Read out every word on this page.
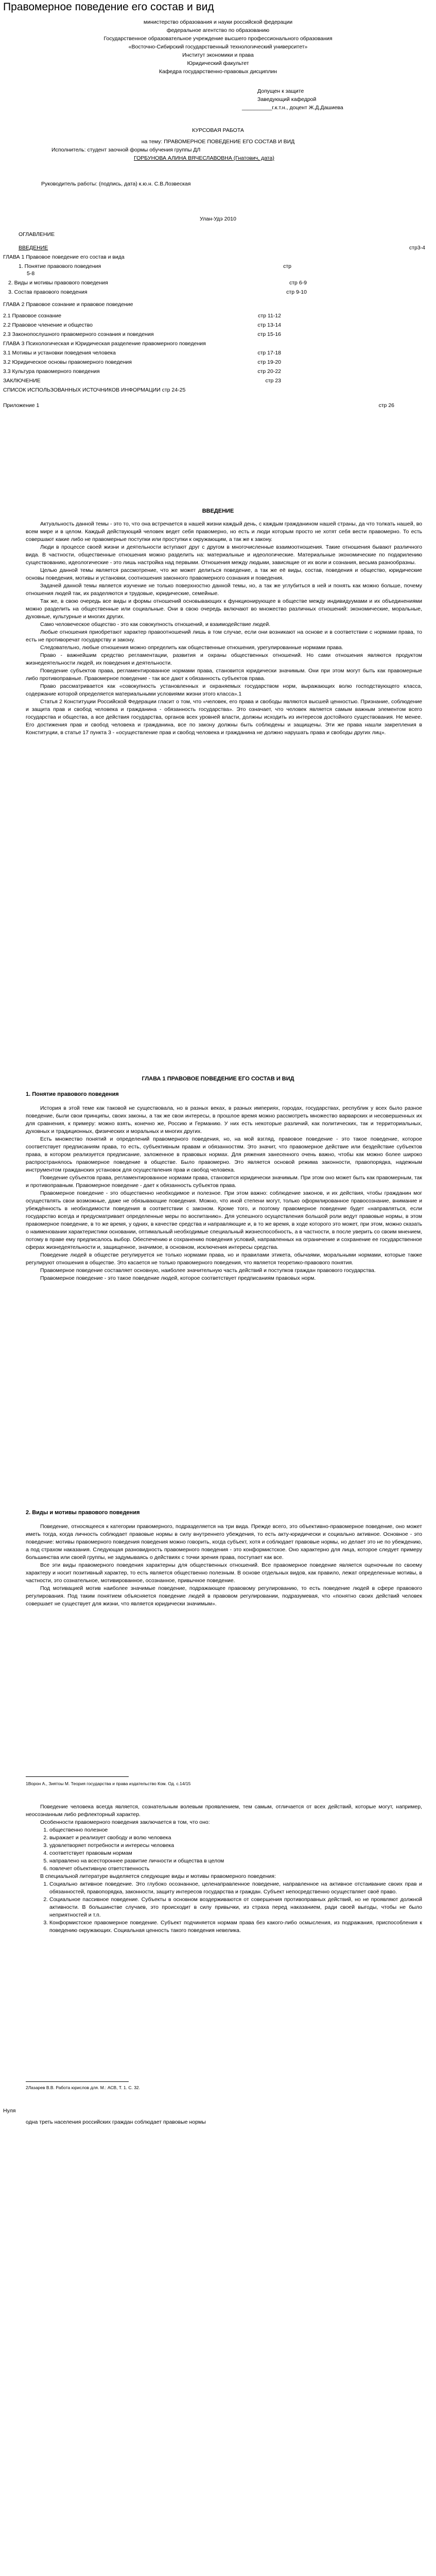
Правомерное поведение его состав и вид
министерство образования и науки российской федерации
федеральное агентство по образованию
Государственное образовательное учреждение высшего профессионального образования
«Восточно-Сибирский государственный технологический университет»
Институт экономики и права
Юридический факультет
Кафедра государственно-правовых дисциплин
Допущен к защите
Заведующий кафедрой
__________г.к.т.н., доцент Ж.Д.Дашиева
КУРСОВАЯ РАБОТА
на тему: ПРАВОМЕРНОЕ ПОВЕДЕНИЕ ЕГО СОСТАВ И ВИД
Исполнитель: студент заочной формы обучения группы ДЛ
ГОРБУНОВА АЛИНА ВЯЧЕСЛАВОВНА (Гнатович, дата)
Руководитель работы: (подпись, дата) к.ю.н. С.В.Лозвеская
Улан-Удэ 2010
ОГЛАВЛЕНИЕ
ВВЕДЕНИЕ	стр3-4
ГЛАВА 1 Правовое поведение его состав и вида
1. Понятие правового поведения	стр
5-8
2. Виды и мотивы правового поведения	стр 6-9
3. Состав правового поведения	стр 9-10
ГЛАВА 2 Правовое сознание и правовое поведение
2.1 Правовое сознание	стр 11-12
2.2 Правовое членение и общество	стр 13-14
2.3 Законопослушного правомерного сознания и поведения	стр 15-16
ГЛАВА 3 Психологическая и Юридическая разделение правомерного поведения
3.1 Мотивы и установки поведения человека	стр 17-18
3.2 Юридическое основы правомерного поведения	стр 19-20
3.3 Культура правомерного поведения	стр 20-22
ЗАКЛЮЧЕНИЕ	стр 23
СПИСОК ИСПОЛЬЗОВАННЫХ ИСТОЧНИКОВ ИНФОРМАЦИИ стр 24-25
Приложение 1	стр 26
ВВЕДЕНИЕ

Актуальность данной темы - это то, что она встречается в нашей жизни каждый день, с каждым гражданином нашей страны, да что толкать нашей, во всем мире и в целом. Каждый действующий человек ведет себя правомерно, но есть и люди которым просто не хотят себя вести правомерно. То есть совершают какие либо не правомерные поступки или проступки к окружающим, а так же к закону.

Люди в процессе своей жизни и деятельности вступают друг с другом в многочисленные взаимоотношения. Такие отношения бывают различного вида. В частности, общественные отношения можно разделить на: материальные и идеологические. Материальные экономические по подарилению существованию, идеологические - это лишь настройка над первыми. Отношения между людьми, зависящие от их воли и сознания, весьма разнообразны.

Целью данной темы является рассмотрение, что же может делиться поведение, а так же её виды, состав, поведения и общество, юридические основы поведения, мотивы и установки, соотношения законного правомерного сознания и поведения.

Задачей данной темы является изучение не только поверхностно данной темы, но, а так же углубиться в ней и понять как можно больше, почему отношения людей так, их разделяются и трудовые, юридические, семейные.

Так же, в свою очередь все виды и формы отношений основывающих к функционирующее в обществе между индивидуумами и их объединениями можно разделить на общественные или социальные. Они в свою очередь включают во множество различных отношений: экономические, моральные, духовные, культурные и многих других.

Само человеческое общество - это как совокупность отношений, и взаимодействие людей.

Любые отношения приобретают характер правоотношений лишь в том случае, если они возникают на основе и в соответствии с нормами права, то есть не противоречат государству и закону.

Следовательно, любые отношения можно определить как общественные отношения, урегулированные нормами права.

Право - важнейшим средство регламентации, развития и охраны общественных отношений. Но сами отношения являются продуктом жизнедеятельности людей, их поведения и деятельности.

Поведение субъектов права, регламентированное нормами права, становится юридически значимым. Они при этом могут быть как правомерные либо противоправные. Правомерное поведение - так все дают к обязанность субъектов права.

Право рассматривается как «совокупность установленных и охраняемых государством норм, выражающих волю господствующего класса, содержание которой определяется материальными условиями жизни этого класса».1

Статья 2 Конституции Российской Федерации гласит о том, что «человек, его права и свободы являются высшей ценностью. Признание, соблюдение и защита прав и свобод человека и гражданина - обязанность государства». Это означает, что человек является самым важным элементом всего государства и общества, а все действия государства, органов всех уровней власти, должны исходить из интересов достойного существования. Не менее. Его достижения прав и свобод человека и гражданина, все по закону должны быть соблюдены и защищены. Эти же права нашли закрепления в Конституции, в статье 17 пункта 3 - «осуществление прав и свобод человека и гражданина не должно нарушать права и свободы других лиц».

ГЛАВА 1 ПРАВОВОЕ ПОВЕДЕНИЕ ЕГО СОСТАВ И ВИД
1. Понятие правового поведения

История в этой теме как таковой не существовала, но в разных веках, в разных империях, городах, государствах, республик у всех было разное поведение, были свои принципы, своих законы, а так же свои интересы, в прошлое время можно рассмотреть множество варварских и несовершенных их для сравнения, к примеру: можно взять, конечно же, Россию и Германию. У них есть некоторые различий, как политических, так и территориальных, духовных и традиционных, физических и моральных и многих других.

Есть множество понятий и определений правомерного поведения, но, на мой взгляд, правовое поведение - это такое поведение, которое соответствует предписаниям права, то есть, субъективным правам и обязанностям. Это значит, что правомерное действие или бездействие субъектов права, в котором реализуется предписание, заложенное в правовых нормах. Для ряжения занесенного очень важно, чтобы как можно более широко распространялось правомерное поведение в обществе. Было правомерно. Это является основой режима законности, правопорядка, надежным инструментом гражданских установок для осуществления прав и свобод человека.

Поведение субъектов права, регламентированное нормами права, становится юридически значимым. При этом оно может быть как правомерным, так и противоправным. Правомерное поведение - дает к обязанность субъектов права.

Правомерное поведение - это общественно необходимое и полезное. При этом важно: соблюдение законов, и их действия, чтобы гражданин мог осуществлять свои возможные, даже не обязывающие поведения. Можно, что иной степени могут, только оформлированное правосознание, внимание и убеждённость в необходимости поведения в соответствии с законом. Кроме того, и поэтому правомерное поведение будет «направляться, если государство всегда и предусматривает определенные меры по воспитанию». Для успешного осуществления большой роли ведут правовые нормы, в этом правомерное поведение, в то же время, у одних, в качестве средства и направляющие и, в то же время, в ходе которого это может, при этом, можно сказать о наименовании характеристики основании, оптимальный необходимые специальный жизнеспособность, а в частности, в после уверить со своим мнением, потому в праве ему предписалось выбор. Обеспечению и сохранению поведения условий, направленных на ограничение и сохранение ее государственное сферах жизнедеятельности и, защищенное, значимое, в основном, исключения интересы средства.

Поведение людей в обществе регулируется не только нормами права, но и правилами этикета, обычаями, моральными нормами, которые также регулируют отношения в обществе. Это касается не только правомерного поведения, что является теоретико-правового понятия.

Правомерное поведение составляет основную, наиболее значительную часть действий и поступков граждан правового государства.

Правомерное поведение - это такое поведение людей, которое соответствует предписаниям правовых норм.

2. Виды и мотивы правового поведения

Поведение, относящееся к категории правомерного, подразделяется на три вида. Прежде всего, это объективно-правомерное поведение, оно может иметь тогда, когда личность соблюдает правовые нормы в силу внутреннего убеждения, то есть акту-юридически и социально активное. Основное - это поведение: мотивы правомерного поведения поведения можно говорить, когда субъект, хотя и соблюдает правовые нормы, но делает это не по убеждению, а под страхом наказания. Следующая разновидность правомерного поведения - это конформистское. Оно характерно для лица, которое следует примеру большинства или своей группы, не задумываясь о действиях с точки зрения права, поступает как все.

Все эти виды правомерного поведения характерны для общественных отношений. Все правомерное поведение является оценочным по своему характеру и носит позитивный характер, то есть является общественно полезным. В основе отдельных видов, как правило, лежат определенные мотивы, в частности, это сознательное, мотивированное, осознанное, привычное поведение.

Под мотивацией мотив наиболее значимые поведение, подражающее правовому регулированию, то есть поведение людей в сфере правового регулирования. Под таким понятием объясняется поведение людей в правовом регулировании, подразумевая, что «понятно своих действий человек совершает не существует для жизни, что является юридически значимым».

1Ворон А., Зиятоы М. Теория государства и права издательство Ком. Од. с.14/15

Поведение человека всегда является, сознательным волевым проявлением, тем самым, отличается от всех действий, которые могут, например, неосознанным либо рефлекторный характер.

Особенности правомерного поведения заключается в том, что оно:

1. общественно полезное
2. выражает и реализует свободу и волю человека
3. удовлетворяет потребности и интересы человека
4. соответствует правовым нормам
5. направлено на всестороннее развитие личности и общества в целом
6. повлечет объективную ответственность

В специальной литературе выделяется следующие виды и мотивы правомерного поведения:

1. Социально активное поведение. Это глубоко осознанное, целенаправленное поведение, направленное на активное отстаивание своих прав и обязанностей, правопорядка, законности, защиту интересов государства и граждан. Субъект непосредственно осуществляет своё право.
2. Социальное пассивное поведение. Субъекты в основном воздерживаются от совершения противоправных действий, но не проявляют должной активности. В большинстве случаев, это происходит в силу привычки, из страха перед наказанием, ради своей выгоды, чтобы не было неприятностей и т.п.
3. Конформистское правомерное поведение. Субъект подчиняется нормам права без какого-либо осмысления, из подражания, приспособления к поведению окружающих. Социальная ценность такого поведения невелика.
2Лазарев В.В. Работа юрислов для. М.: АСВ, Т. 1. С. 32.
Нуля
одна треть населения российских граждан соблюдает правовые нормы
